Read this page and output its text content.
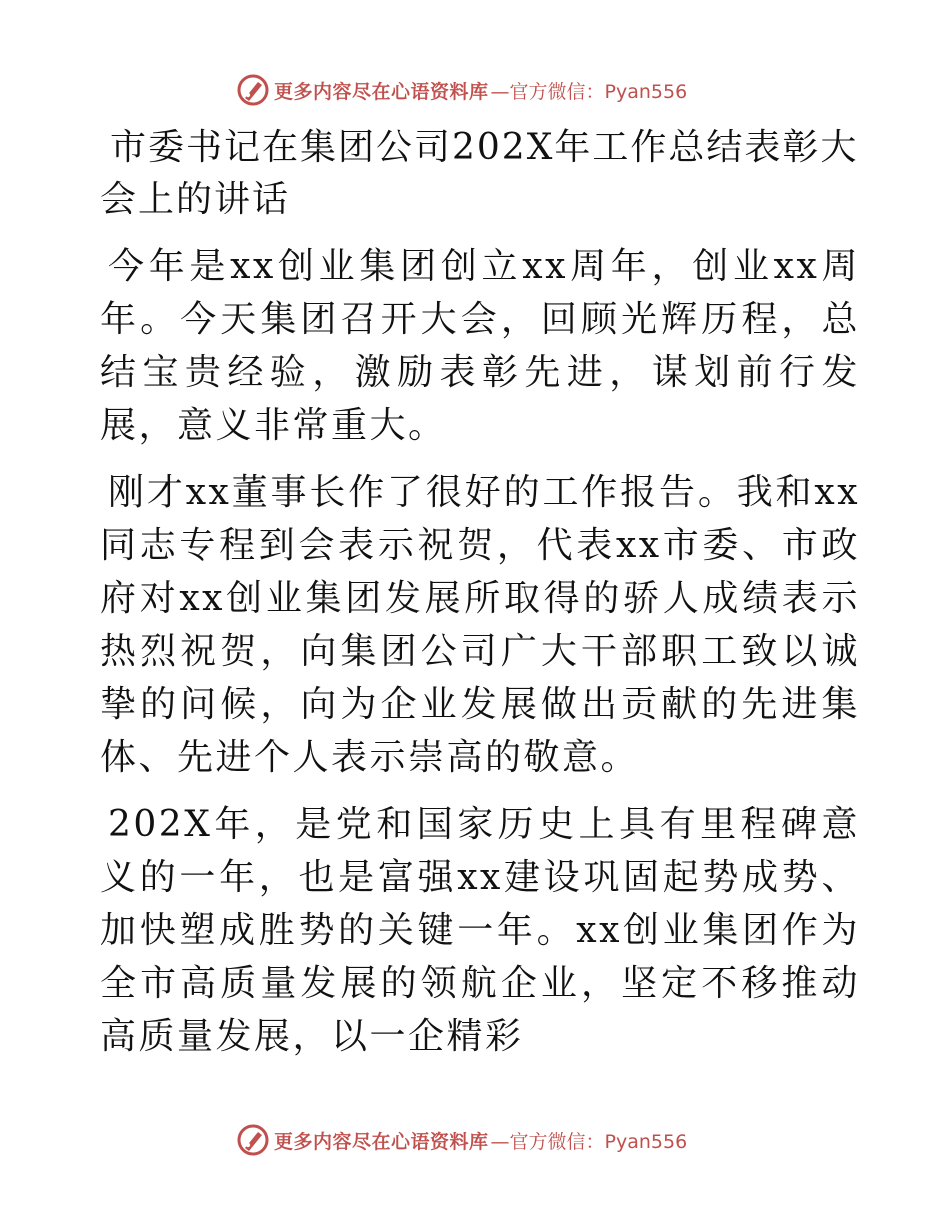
更多内容尽在心语资料库 —官方微信：Pyan556
市委书记在集团公司202X年工作总结表彰大会上的讲话

今年是xx创业集团创立xx周年，创业xx周年。今天集团召开大会，回顾光辉历程，总结宝贵经验，激励表彰先进，谋划前行发展，意义非常重大。

刚才xx董事长作了很好的工作报告。我和xx同志专程到会表示祝贺，代表xx市委、市政府对xx创业集团发展所取得的骄人成绩表示热烈祝贺，向集团公司广大干部职工致以诚挚的问候，向为企业发展做出贡献的先进集体、先进个人表示崇高的敬意。

202X年，是党和国家历史上具有里程碑意义的一年，也是富强xx建设巩固起势成势、加快塑成胜势的关键一年。xx创业集团作为全市高质量发展的领航企业，坚定不移推动高质量发展，以一企精彩

更多内容尽在心语资料库 —官方微信：Pyan556
